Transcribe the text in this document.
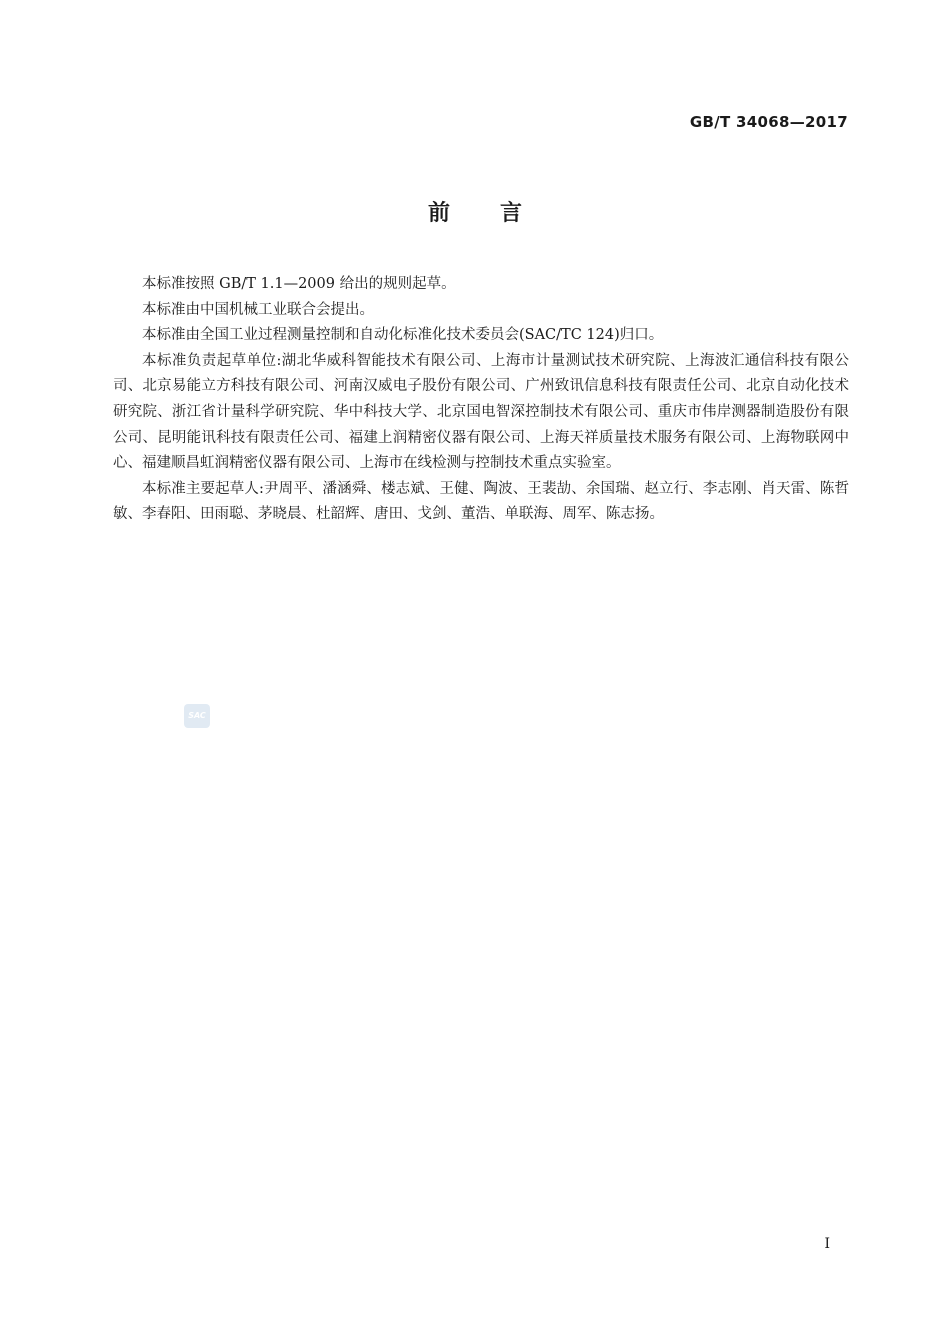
GB/T 34068—2017
前言

本标准按照 GB/T 1.1—2009 给出的规则起草。

本标准由中国机械工业联合会提出。

本标准由全国工业过程测量控制和自动化标准化技术委员会(SAC/TC 124)归口。

本标准负责起草单位:湖北华威科智能技术有限公司、上海市计量测试技术研究院、上海波汇通信科技有限公司、北京易能立方科技有限公司、河南汉威电子股份有限公司、广州致讯信息科技有限责任公司、北京自动化技术研究院、浙江省计量科学研究院、华中科技大学、北京国电智深控制技术有限公司、重庆市伟岸测器制造股份有限公司、昆明能讯科技有限责任公司、福建上润精密仪器有限公司、上海天祥质量技术服务有限公司、上海物联网中心、福建顺昌虹润精密仪器有限公司、上海市在线检测与控制技术重点实验室。

本标准主要起草人:尹周平、潘涵舜、楼志斌、王健、陶波、王裴劼、余国瑞、赵立行、李志刚、肖天雷、陈哲敏、李春阳、田雨聪、茅晓晨、杜韶辉、唐田、戈剑、董浩、单联海、周军、陈志扬。

SAC
I
